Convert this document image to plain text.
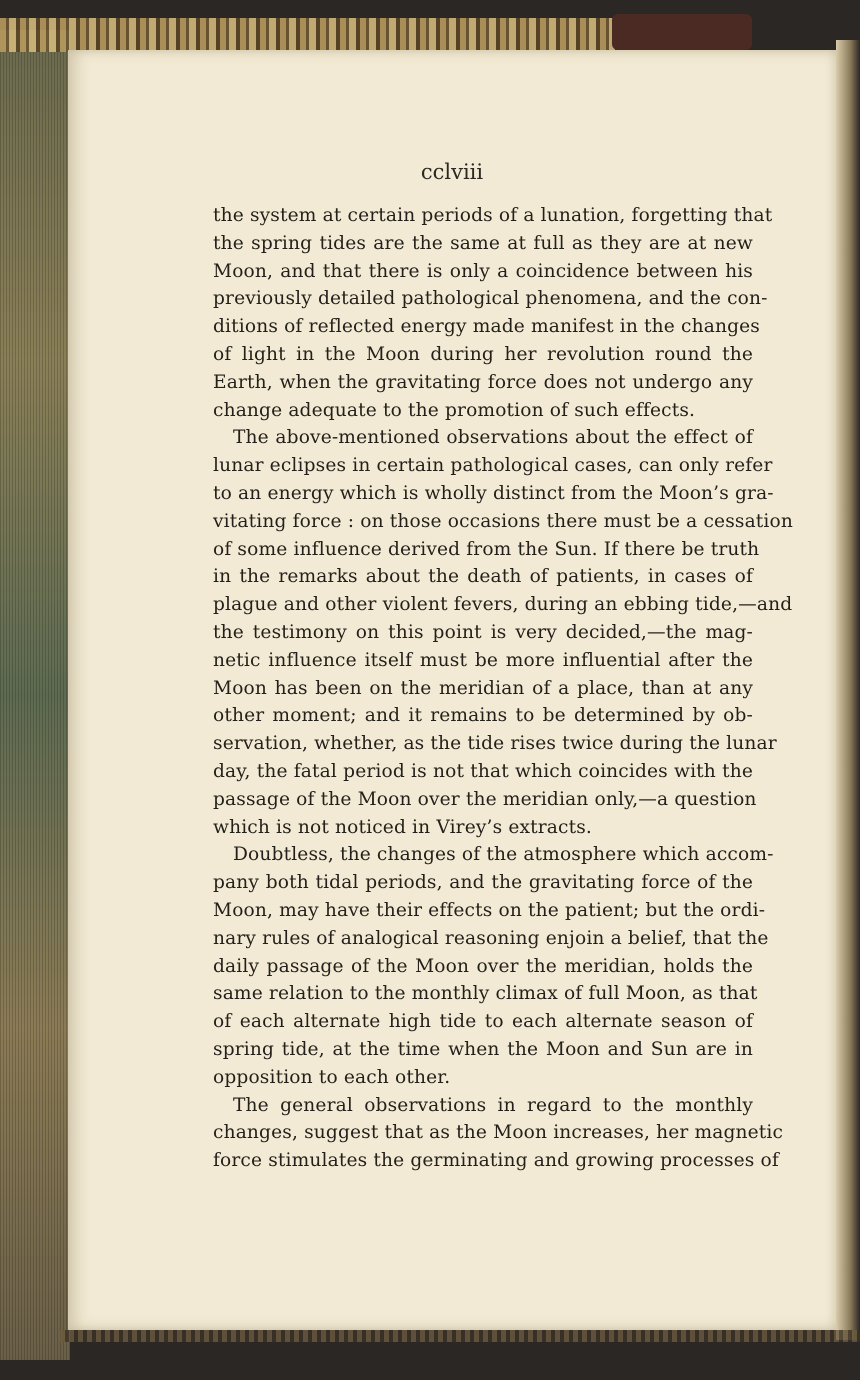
cclviii
the system at certain periods of a lunation, forgetting that
the spring tides are the same at full as they are at new
Moon, and that there is only a coincidence between his
previously detailed pathological phenomena, and the con-
ditions of reflected energy made manifest in the changes
of light in the Moon during her revolution round the
Earth, when the gravitating force does not undergo any
change adequate to the promotion of such effects.
The above-mentioned observations about the effect of
lunar eclipses in certain pathological cases, can only refer
to an energy which is wholly distinct from the Moon’s gra-
vitating force : on those occasions there must be a cessation
of some influence derived from the Sun. If there be truth
in the remarks about the death of patients, in cases of
plague and other violent fevers, during an ebbing tide,—and
the testimony on this point is very decided,—the mag-
netic influence itself must be more influential after the
Moon has been on the meridian of a place, than at any
other moment; and it remains to be determined by ob-
servation, whether, as the tide rises twice during the lunar
day, the fatal period is not that which coincides with the
passage of the Moon over the meridian only,—a question
which is not noticed in Virey’s extracts.
Doubtless, the changes of the atmosphere which accom-
pany both tidal periods, and the gravitating force of the
Moon, may have their effects on the patient; but the ordi-
nary rules of analogical reasoning enjoin a belief, that the
daily passage of the Moon over the meridian, holds the
same relation to the monthly climax of full Moon, as that
of each alternate high tide to each alternate season of
spring tide, at the time when the Moon and Sun are in
opposition to each other.
The general observations in regard to the monthly
changes, suggest that as the Moon increases, her magnetic
force stimulates the germinating and growing processes of
